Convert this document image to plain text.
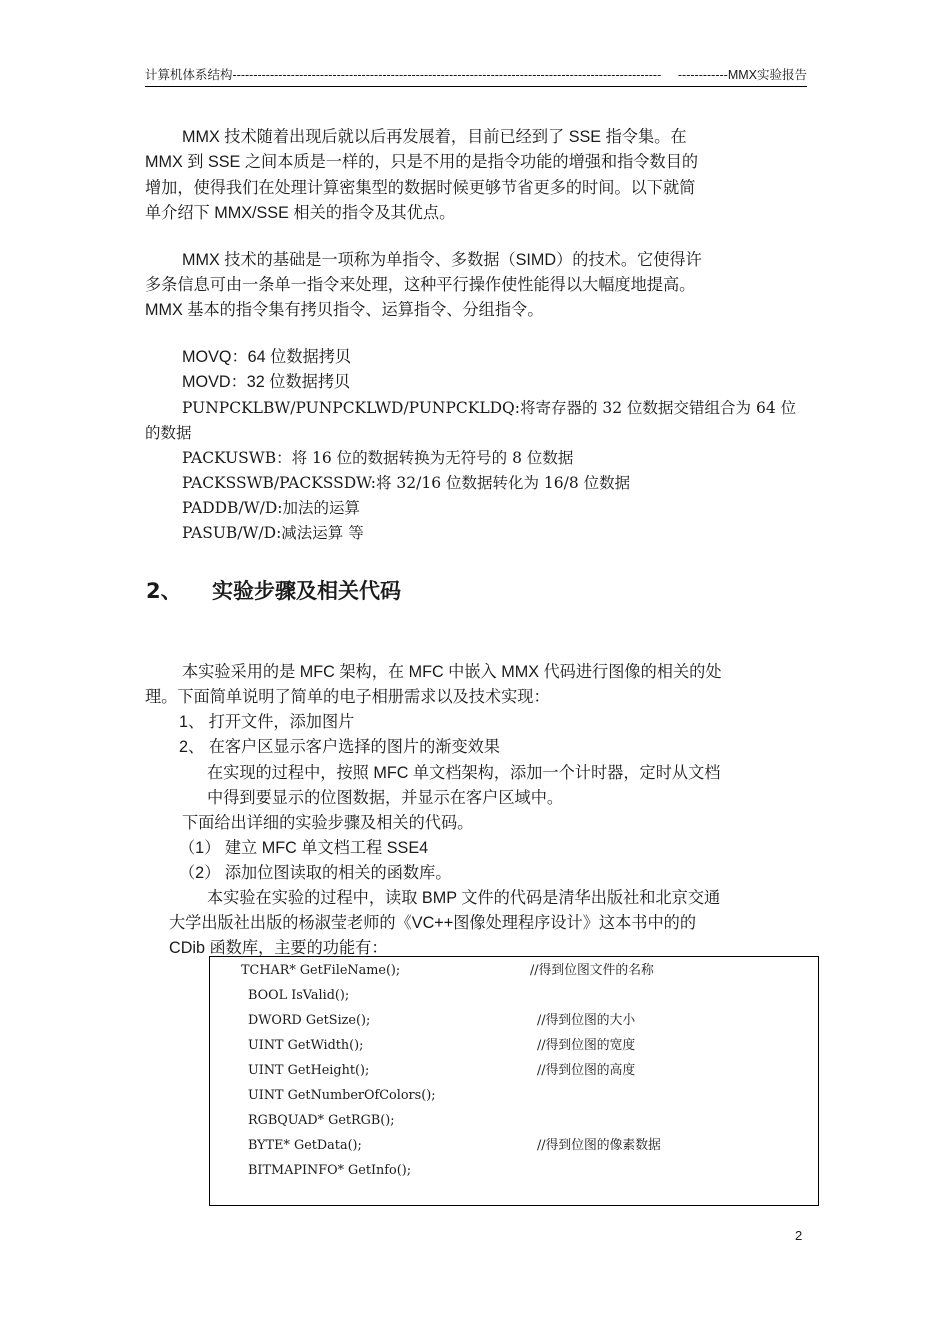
计算机体系结构------------------------------------------------------------------------------------------------------- ------------MMX实验报告
MMX 技术随着出现后就以后再发展着，目前已经到了 SSE 指令集。在
MMX 到 SSE 之间本质是一样的，只是不用的是指令功能的增强和指令数目的
增加，使得我们在处理计算密集型的数据时候更够节省更多的时间。以下就简
单介绍下 MMX/SSE 相关的指令及其优点。
MMX 技术的基础是一项称为单指令、多数据（SIMD）的技术。它使得许
多条信息可由一条单一指令来处理，这种平行操作使性能得以大幅度地提高。
MMX 基本的指令集有拷贝指令、运算指令、分组指令。
MOVQ：64 位数据拷贝
MOVD：32 位数据拷贝
PUNPCKLBW/PUNPCKLWD/PUNPCKLDQ:将寄存器的 32 位数据交错组合为 64 位
的数据
PACKUSWB：将 16 位的数据转换为无符号的 8 位数据
PACKSSWB/PACKSSDW:将 32/16 位数据转化为 16/8 位数据
PADDB/W/D:加法的运算
PASUB/W/D:减法运算 等
2、 实验步骤及相关代码
本实验采用的是 MFC 架构，在 MFC 中嵌入 MMX 代码进行图像的相关的处
理。下面简单说明了简单的电子相册需求以及技术实现：
1、 打开文件，添加图片
2、 在客户区显示客户选择的图片的渐变效果
在实现的过程中，按照 MFC 单文档架构，添加一个计时器，定时从文档
中得到要显示的位图数据，并显示在客户区域中。
下面给出详细的实验步骤及相关的代码。
（1） 建立 MFC 单文档工程 SSE4
（2） 添加位图读取的相关的函数库。
本实验在实验的过程中，读取 BMP 文件的代码是清华出版社和北京交通
大学出版社出版的杨淑莹老师的《VC++图像处理程序设计》这本书中的的
CDib 函数库，主要的功能有：
TCHAR* GetFileName();	//得到位图文件的名称
BOOL IsValid();
DWORD GetSize();	//得到位图的大小
UINT GetWidth();	//得到位图的宽度
UINT GetHeight();	//得到位图的高度
UINT GetNumberOfColors();
RGBQUAD* GetRGB();
BYTE* GetData();	//得到位图的像素数据
BITMAPINFO* GetInfo();
2
